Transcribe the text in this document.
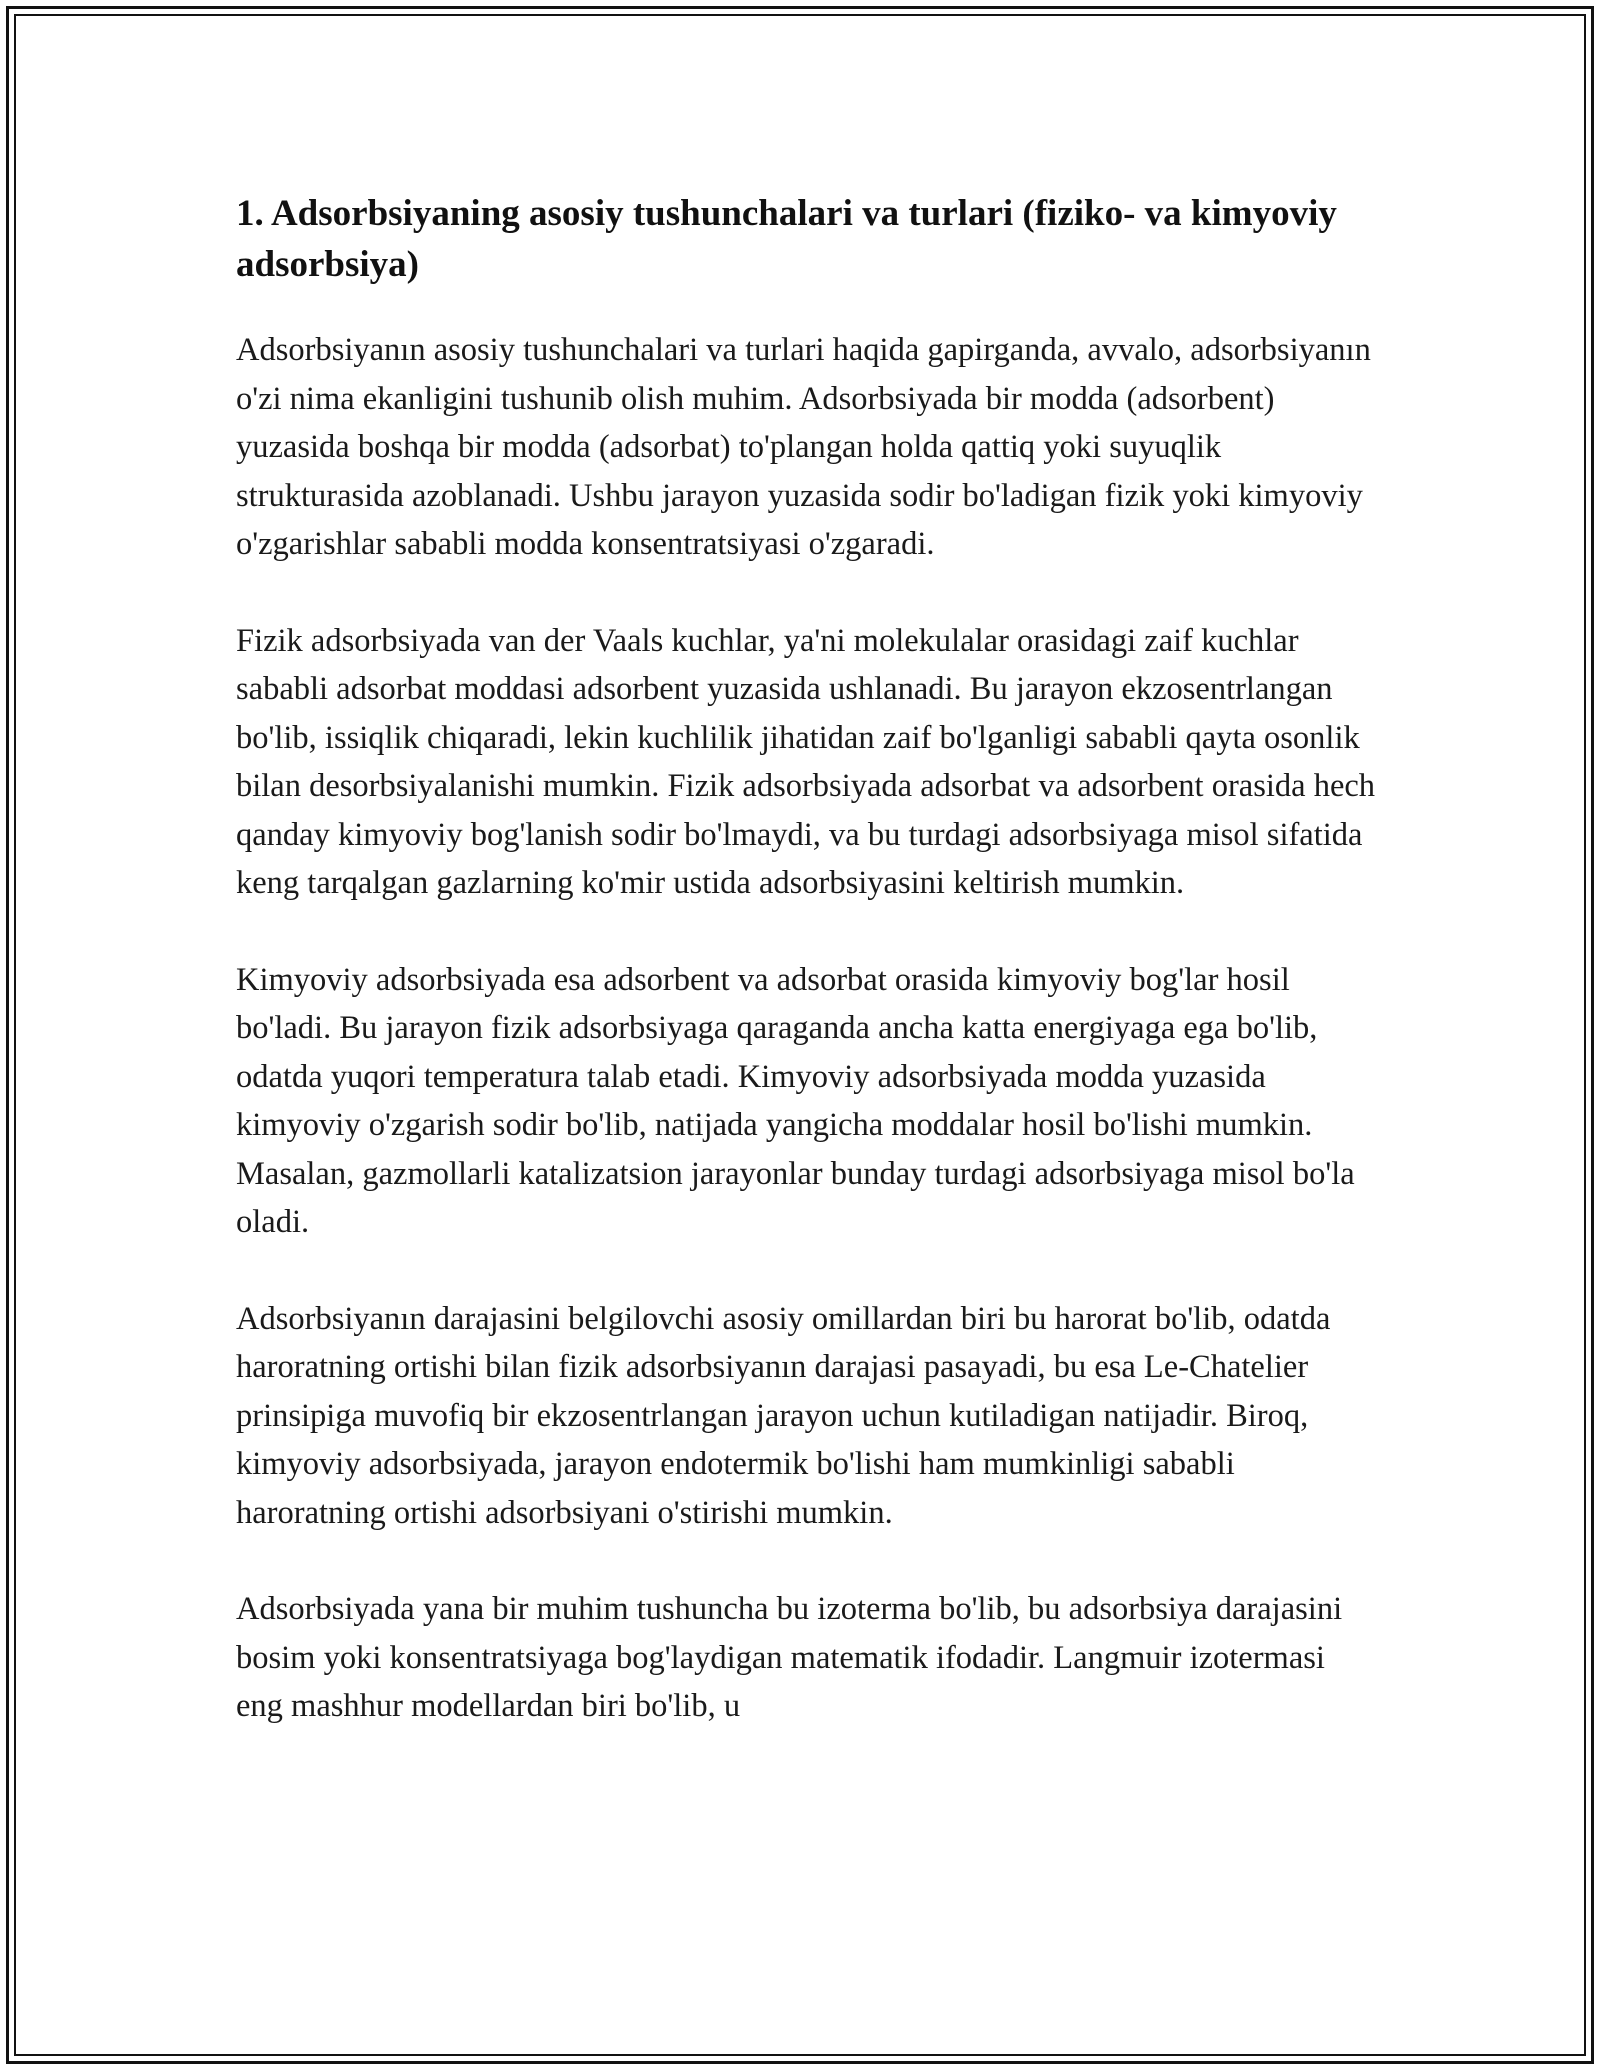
1. Adsorbsiyaning asosiy tushunchalari va turlari (fiziko- va kimyoviy adsorbsiya)

Adsorbsiyanın asosiy tushunchalari va turlari haqida gapirganda, avvalo, adsorbsiyanın o'zi nima ekanligini tushunib olish muhim. Adsorbsiyada bir modda (adsorbent) yuzasida boshqa bir modda (adsorbat) to'plangan holda qattiq yoki suyuqlik strukturasida azoblanadi. Ushbu jarayon yuzasida sodir bo'ladigan fizik yoki kimyoviy o'zgarishlar sababli modda konsentratsiyasi o'zgaradi.

Fizik adsorbsiyada van der Vaals kuchlar, ya'ni molekulalar orasidagi zaif kuchlar sababli adsorbat moddasi adsorbent yuzasida ushlanadi. Bu jarayon ekzosentrlangan bo'lib, issiqlik chiqaradi, lekin kuchlilik jihatidan zaif bo'lganligi sababli qayta osonlik bilan desorbsiyalanishi mumkin. Fizik adsorbsiyada adsorbat va adsorbent orasida hech qanday kimyoviy bog'lanish sodir bo'lmaydi, va bu turdagi adsorbsiyaga misol sifatida keng tarqalgan gazlarning ko'mir ustida adsorbsiyasini keltirish mumkin.

Kimyoviy adsorbsiyada esa adsorbent va adsorbat orasida kimyoviy bog'lar hosil bo'ladi. Bu jarayon fizik adsorbsiyaga qaraganda ancha katta energiyaga ega bo'lib, odatda yuqori temperatura talab etadi. Kimyoviy adsorbsiyada modda yuzasida kimyoviy o'zgarish sodir bo'lib, natijada yangicha moddalar hosil bo'lishi mumkin. Masalan, gazmollarli katalizatsion jarayonlar bunday turdagi adsorbsiyaga misol bo'la oladi.

Adsorbsiyanın darajasini belgilovchi asosiy omillardan biri bu harorat bo'lib, odatda haroratning ortishi bilan fizik adsorbsiyanın darajasi pasayadi, bu esa Le-Chatelier prinsipiga muvofiq bir ekzosentrlangan jarayon uchun kutiladigan natijadir. Biroq, kimyoviy adsorbsiyada, jarayon endotermik bo'lishi ham mumkinligi sababli haroratning ortishi adsorbsiyani o'stirishi mumkin.

Adsorbsiyada yana bir muhim tushuncha bu izoterma bo'lib, bu adsorbsiya darajasini bosim yoki konsentratsiyaga bog'laydigan matematik ifodadir. Langmuir izotermasi eng mashhur modellardan biri bo'lib, u
